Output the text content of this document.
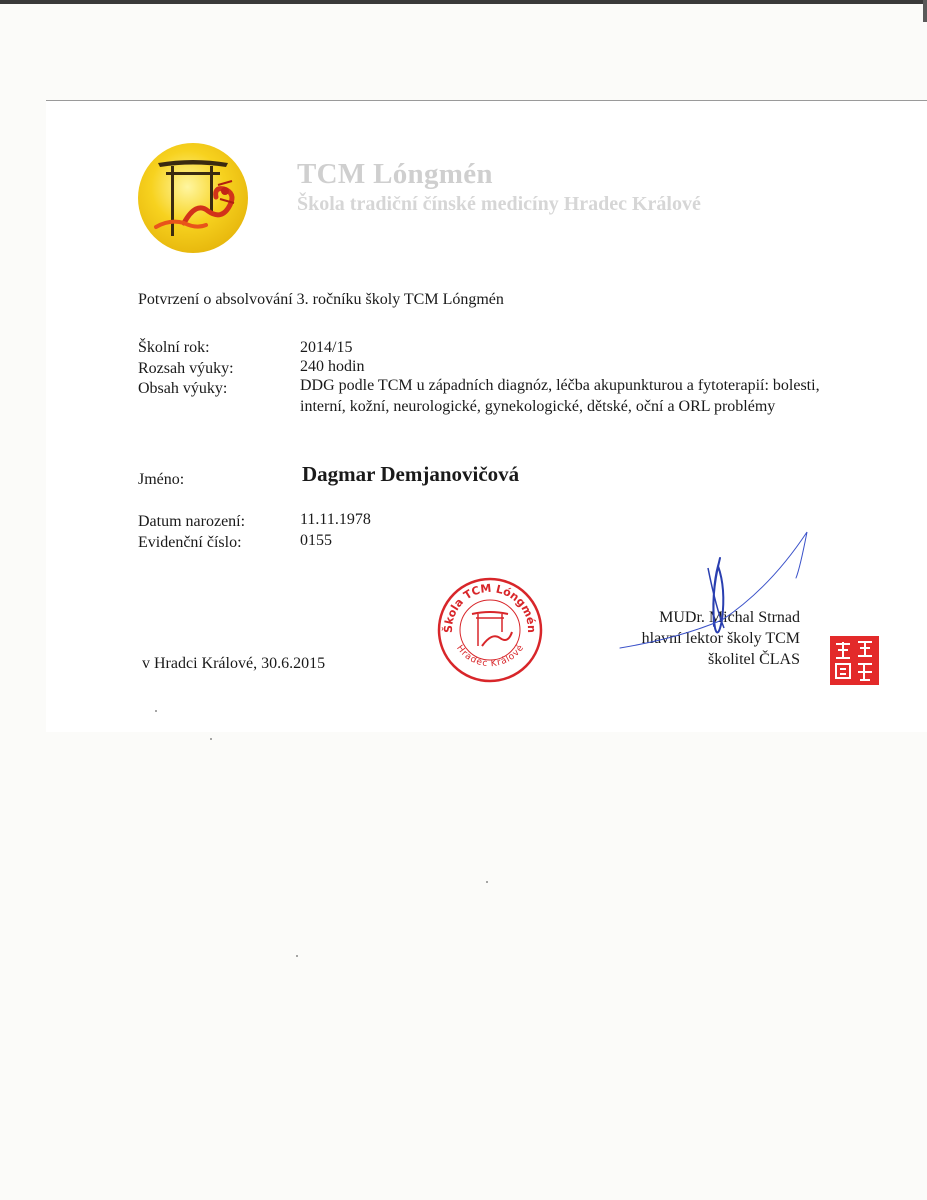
TCM Lóngmén
Škola tradiční čínské medicíny Hradec Králové
Potvrzení o absolvování 3. ročníku školy TCM Lóngmén
Školní rok:	2014/15
Rozsah výuky:	240 hodin
Obsah výuky:	DDG podle TCM u západních diagnóz, léčba akupunkturou a fytoterapií: bolesti, interní, kožní, neurologické, gynekologické, dětské, oční a ORL problémy
Jméno:	Dagmar Demjanovičová
Datum narození:	11.11.1978
Evidenční číslo:	0155
v Hradci Králové, 30.6.2015
Škola TCM Lóngmén
Hradec Králové
MUDr. Michal Strnad
hlavní lektor školy TCM
školitel ČLAS
